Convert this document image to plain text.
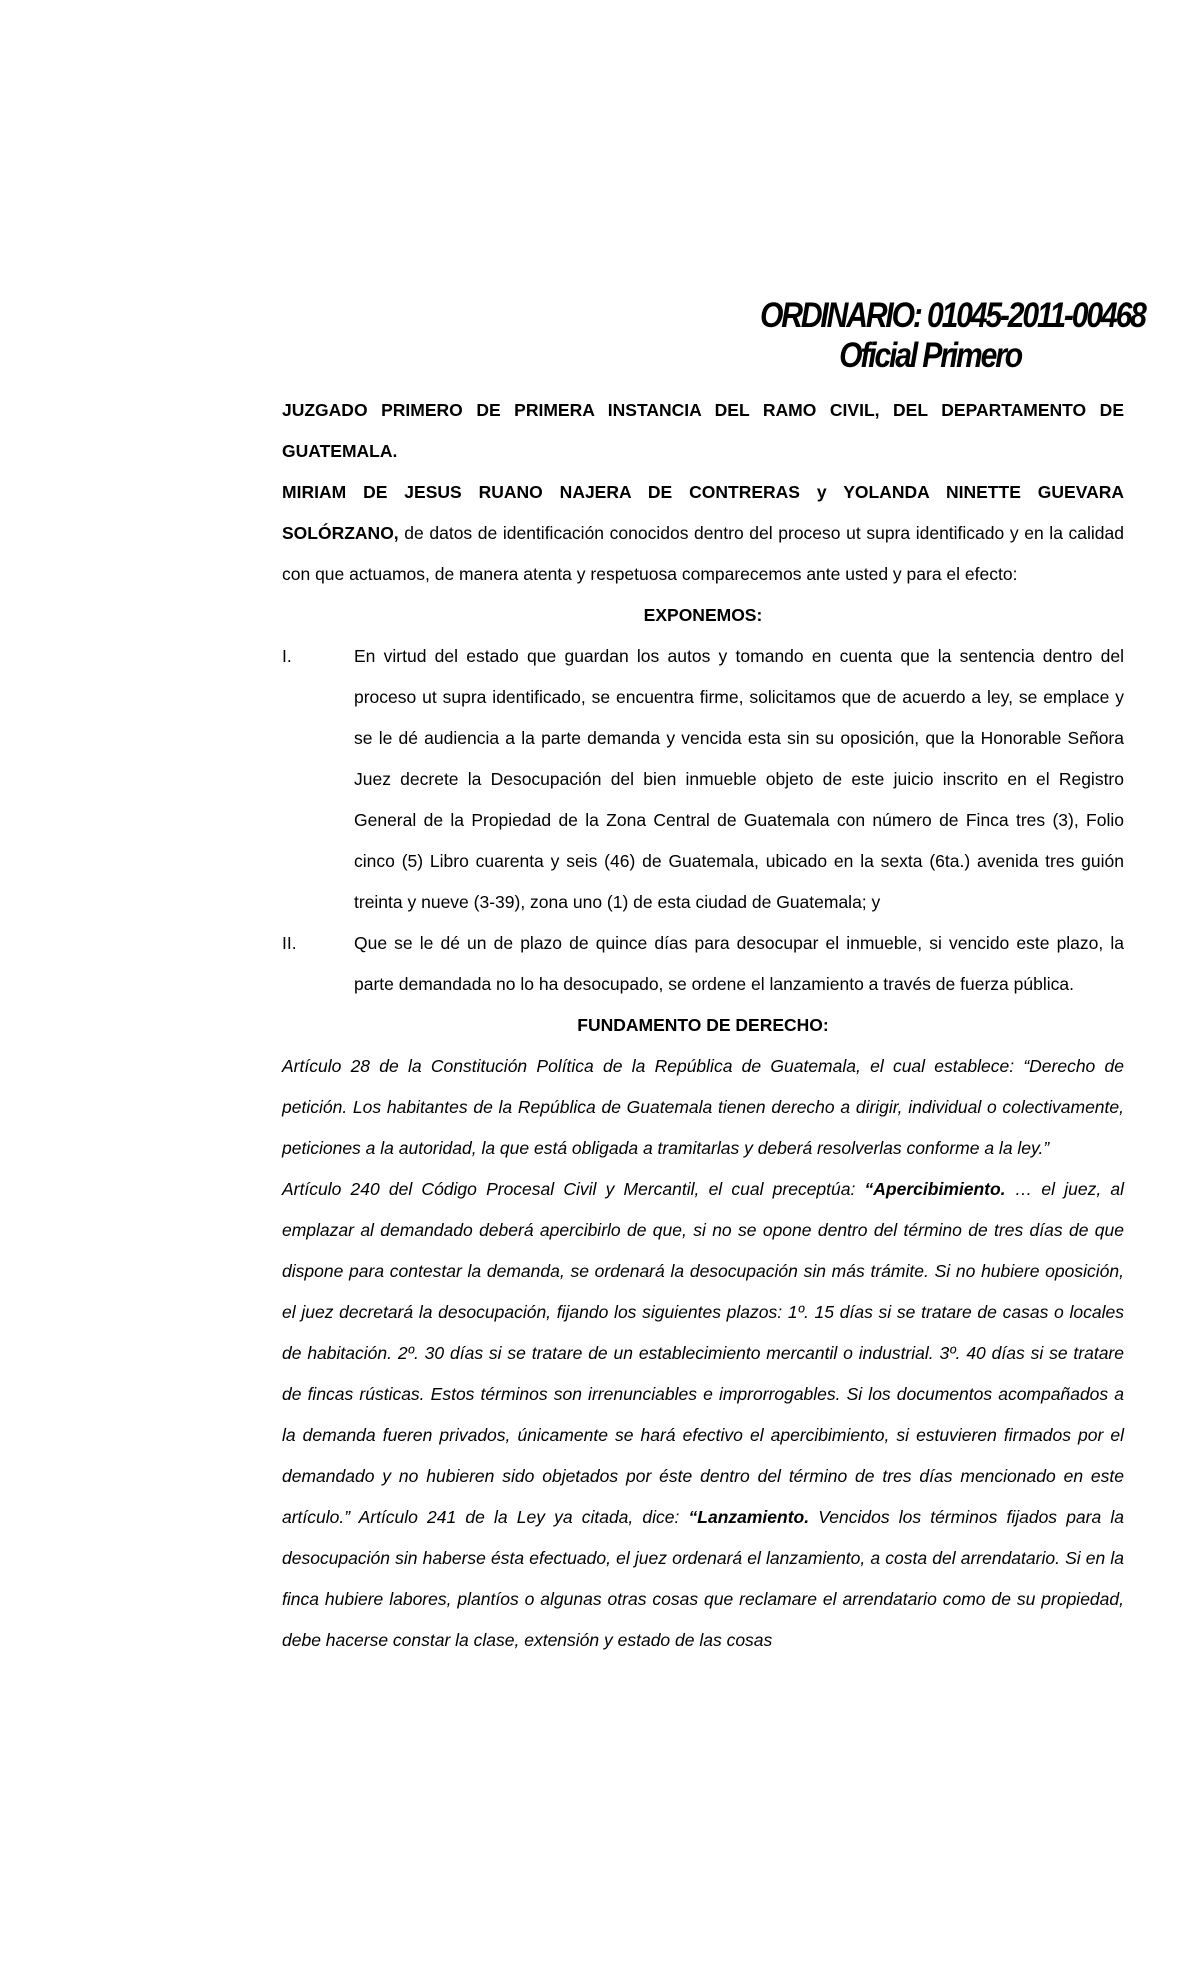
ORDINARIO: 01045-2011-00468
Oficial Primero

JUZGADO PRIMERO DE PRIMERA INSTANCIA DEL RAMO CIVIL, DEL DEPARTAMENTO DE GUATEMALA.

MIRIAM DE JESUS RUANO NAJERA DE CONTRERAS y YOLANDA NINETTE GUEVARA SOLÓRZANO, de datos de identificación conocidos dentro del proceso ut supra identificado y en la calidad con que actuamos, de manera atenta y respetuosa comparecemos ante usted y para el efecto:

EXPONEMOS:

I.	En virtud del estado que guardan los autos y tomando en cuenta que la sentencia dentro del proceso ut supra identificado, se encuentra firme, solicitamos que de acuerdo a ley, se emplace y se le dé audiencia a la parte demanda y vencida esta sin su oposición, que la Honorable Señora Juez decrete la Desocupación del bien inmueble objeto de este juicio inscrito en el Registro General de la Propiedad de la Zona Central de Guatemala con número de Finca tres (3), Folio cinco (5) Libro cuarenta y seis (46) de Guatemala, ubicado en la sexta (6ta.) avenida tres guión treinta y nueve (3-39), zona uno (1) de esta ciudad de Guatemala; y
II.	Que se le dé un de plazo de quince días para desocupar el inmueble, si vencido este plazo, la parte demandada no lo ha desocupado, se ordene el lanzamiento a través de fuerza pública.

FUNDAMENTO DE DERECHO:

Artículo 28 de la Constitución Política de la República de Guatemala, el cual establece: “Derecho de petición. Los habitantes de la República de Guatemala tienen derecho a dirigir, individual o colectivamente, peticiones a la autoridad, la que está obligada a tramitarlas y deberá resolverlas conforme a la ley.”

Artículo 240 del Código Procesal Civil y Mercantil, el cual preceptúa: “Apercibimiento. … el juez, al emplazar al demandado deberá apercibirlo de que, si no se opone dentro del término de tres días de que dispone para contestar la demanda, se ordenará la desocupación sin más trámite. Si no hubiere oposición, el juez decretará la desocupación, fijando los siguientes plazos: 1º. 15 días si se tratare de casas o locales de habitación. 2º. 30 días si se tratare de un establecimiento mercantil o industrial. 3º. 40 días si se tratare de fincas rústicas. Estos términos son irrenunciables e improrrogables. Si los documentos acompañados a la demanda fueren privados, únicamente se hará efectivo el apercibimiento, si estuvieren firmados por el demandado y no hubieren sido objetados por éste dentro del término de tres días mencionado en este artículo.” Artículo 241 de la Ley ya citada, dice: “Lanzamiento. Vencidos los términos fijados para la desocupación sin haberse ésta efectuado, el juez ordenará el lanzamiento, a costa del arrendatario. Si en la finca hubiere labores, plantíos o algunas otras cosas que reclamare el arrendatario como de su propiedad, debe hacerse constar la clase, extensión y estado de las cosas
